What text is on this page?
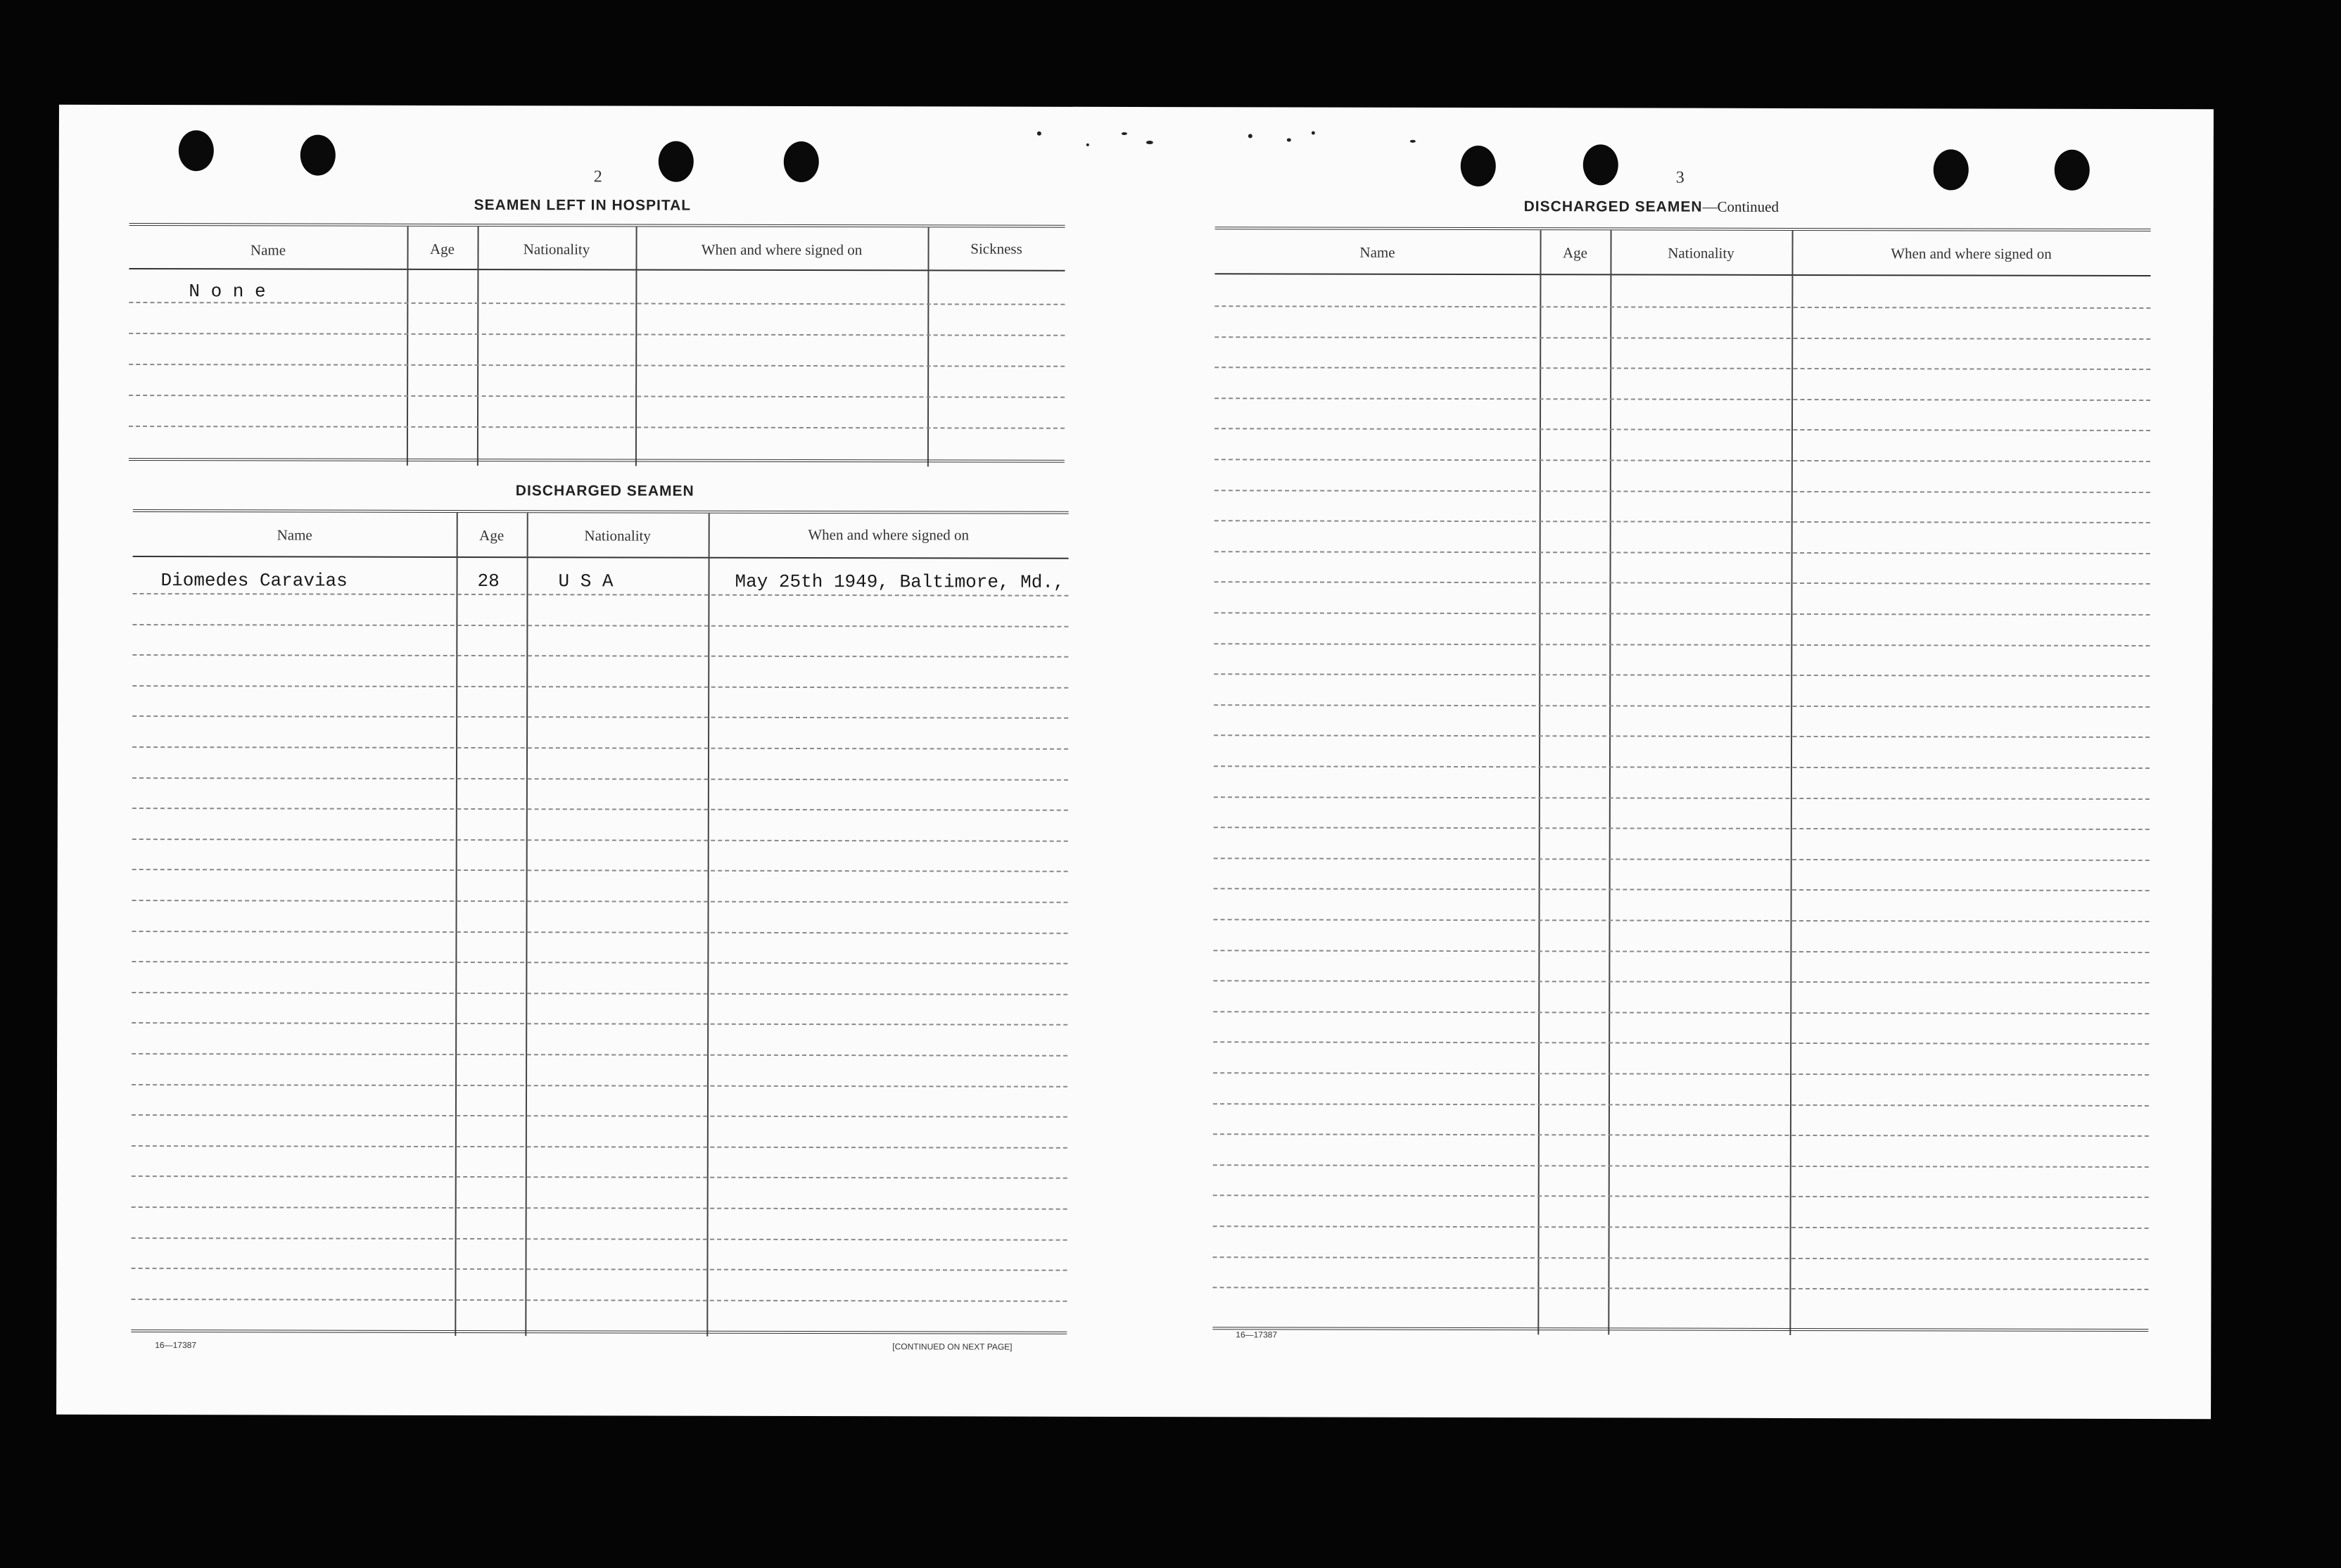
2
SEAMEN LEFT IN HOSPITAL
Name	Age	Nationality	When and where signed on	Sickness
N o n e
DISCHARGED SEAMEN
Name	Age	Nationality	When and where signed on
Diomedes Caravias	28	U S A	May 25th 1949, Baltimore, Md.,
16—17387	[CONTINUED ON NEXT PAGE]
3
DISCHARGED SEAMEN—Continued
Name	Age	Nationality	When and where signed on
16—17387
